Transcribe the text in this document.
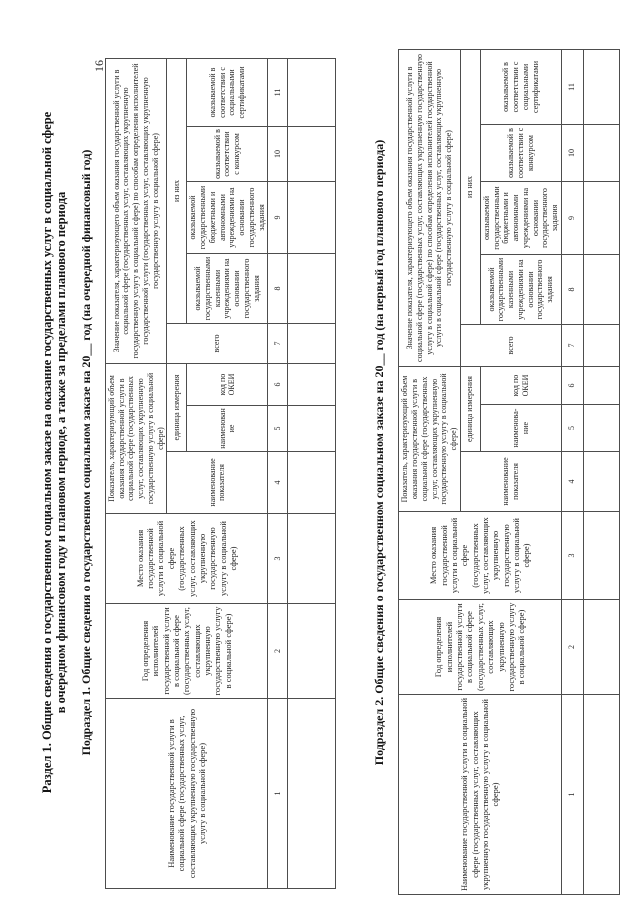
16
Раздел 1. Общие сведения о государственном социальном заказе на оказание государственных услуг в социальной сфере в очередном финансовом году и плановом периоде, а также за пределами планового периода Подраздел 1. Общие сведения о государственном социальном заказе на 20__ год (на очередной финансовый год)
Наименование государственной услуги в социальной сфере (государственных услуг, составляющих укрупненную государственную услугу в социальной сфере)	Год определения исполнителей государственной услуги в социальной сфере (государственных услуг, составляющих укрупненную государственную услугу в социальной сфере)	Место оказания государственной услуги в социальной сфере (государственных услуг, составляющих укрупненную государственную услугу в социальной сфере)	Показатель, характеризующий объем оказания государственной услуги в социальной сфере (государственных услуг, составляющих укрупненную государственную услугу в социальной сфере)			Значение показателя, характеризующего объем оказания государственной услуги в социальной сфере (государственных услуг, составляющих укрупненную государственную услугу в социальной сфере) по способам определения исполнителей государственной услуги (государственных услуг, составляющих укрупненную государственную услугу в социальной сфере)				
			наименование показателя	единица измерения		всего	из них			
				наименование	код по ОКЕИ		оказываемой государственными казенными учреждениями на основании государственного задания	оказываемой государственными бюджетными и автономными учреждениями на основании государственного задания	оказываемой в соответствии с конкурсом	оказываемой в соответствии с социальными сертификатами
1	2	3	4	5	6	7	8	9	10	11

Подраздел 2. Общие сведения о государственном социальном заказе на 20__ год (на первый год планового периода)
Наименование государственной услуги в социальной сфере (государственных услуг, составляющих укрупненную государственную услугу в социальной сфере)	Год определения исполнителей государственной услуги в социальной сфере (государственных услуг, составляющих укрупненную государственную услугу в социальной сфере)	Место оказания государственной услуги в социальной сфере (государственных услуг, составляющих укрупненную государственную услугу в социальной сфере)	Показатель, характеризующий объем оказания государственной услуги в социальной сфере (государственных услуг, составляющих укрупненную государственную услугу в социальной сфере)			Значение показателя, характеризующего объем оказания государственной услуги в социальной сфере (государственных услуг, составляющих укрупненную государственную услугу в социальной сфере) по способам определения исполнителей государственной услуги в социальной сфере (государственных услуг, составляющих укрупненную государственную услугу в социальной сфере)				
			наименование показателя	единица измерения		всего	из них			
				наименование	код по ОКЕИ		оказываемой государственными казенными учреждениями на основании государственного задания	оказываемой государственными бюджетными и автономными учреждениями на основании государственного задания	оказываемой в соответствии с конкурсом	оказываемой в соответствии с социальными сертификатами
1	2	3	4	5	6	7	8	9	10	11
